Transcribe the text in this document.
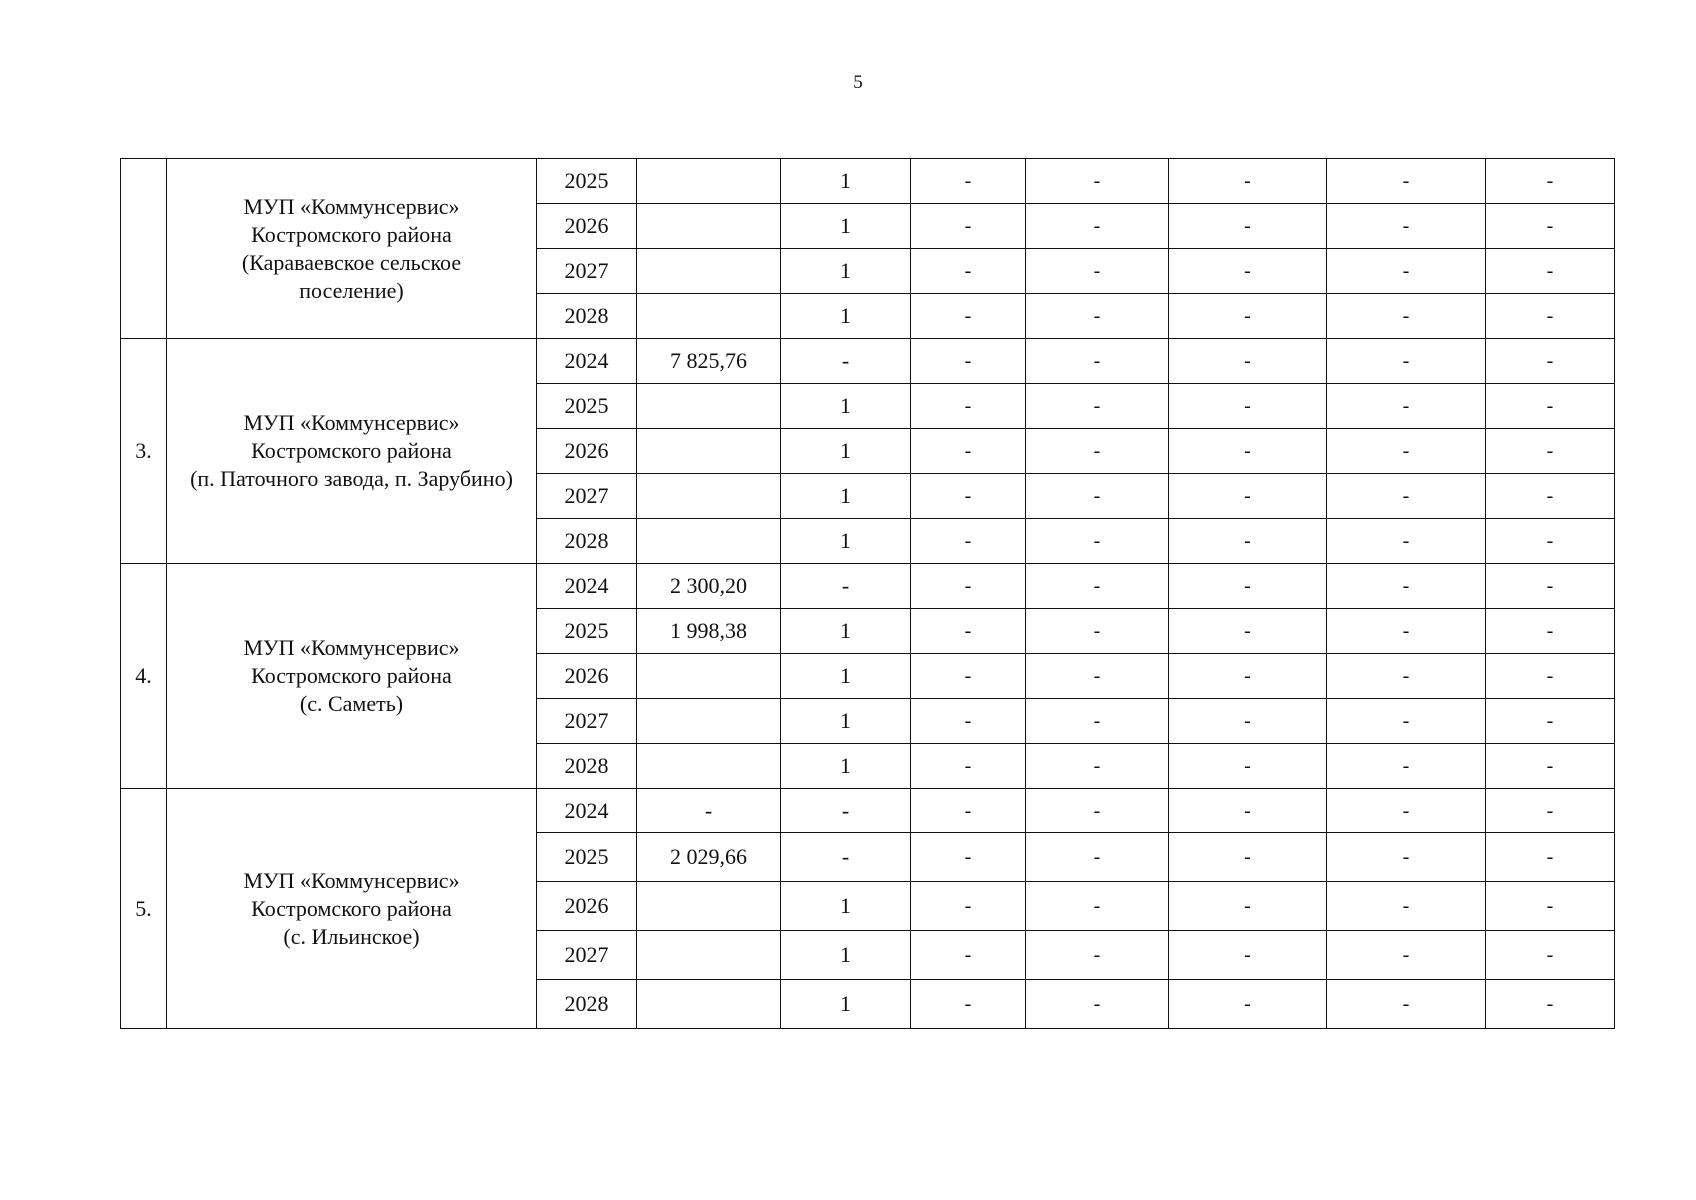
5

	МУП «Коммунсервис»
Костромского района
(Караваевское сельское
поселение)	2025		1	-	-	-	-	-
		2026		1	-	-	-	-	-
		2027		1	-	-	-	-	-
		2028		1	-	-	-	-	-
3.	МУП «Коммунсервис»
Костромского района
(п. Паточного завода, п. Зарубино)	2024	7 825,76	-	-	-	-	-	-
		2025		1	-	-	-	-	-
		2026		1	-	-	-	-	-
		2027		1	-	-	-	-	-
		2028		1	-	-	-	-	-
4.	МУП «Коммунсервис»
Костромского района
(с. Саметь)	2024	2 300,20	-	-	-	-	-	-
		2025	1 998,38	1	-	-	-	-	-
		2026		1	-	-	-	-	-
		2027		1	-	-	-	-	-
		2028		1	-	-	-	-	-
5.	МУП «Коммунсервис»
Костромского района
(с. Ильинское)	2024	-	-	-	-	-	-	-
		2025	2 029,66	-	-	-	-	-	-
		2026		1	-	-	-	-	-
		2027		1	-	-	-	-	-
		2028		1	-	-	-	-	-
